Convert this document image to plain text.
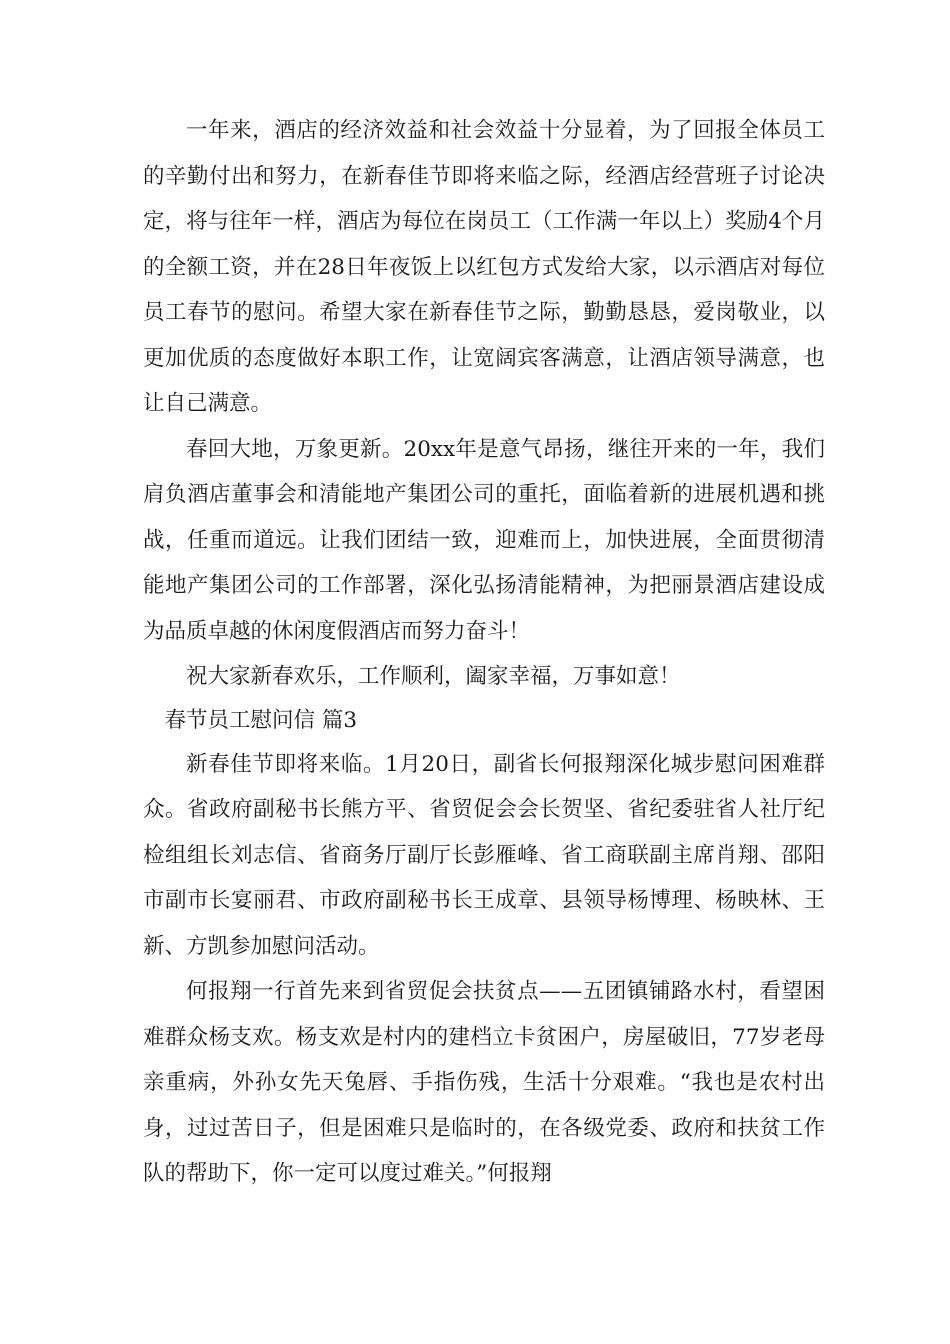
一年来，酒店的经济效益和社会效益十分显着，为了回报全体员工的辛勤付出和努力，在新春佳节即将来临之际，经酒店经营班子讨论决定，将与往年一样，酒店为每位在岗员工（工作满一年以上）奖励4个月的全额工资，并在28日年夜饭上以红包方式发给大家，以示酒店对每位员工春节的慰问。希望大家在新春佳节之际，勤勤恳恳，爱岗敬业，以更加优质的态度做好本职工作，让宽阔宾客满意，让酒店领导满意，也让自己满意。

春回大地，万象更新。20xx年是意气昂扬，继往开来的一年，我们肩负酒店董事会和清能地产集团公司的重托，面临着新的进展机遇和挑战，任重而道远。让我们团结一致，迎难而上，加快进展，全面贯彻清能地产集团公司的工作部署，深化弘扬清能精神，为把丽景酒店建设成为品质卓越的休闲度假酒店而努力奋斗！

祝大家新春欢乐，工作顺利，阖家幸福，万事如意！

春节员工慰问信 篇3

新春佳节即将来临。1月20日，副省长何报翔深化城步慰问困难群众。省政府副秘书长熊方平、省贸促会会长贺坚、省纪委驻省人社厅纪检组组长刘志信、省商务厅副厅长彭雁峰、省工商联副主席肖翔、邵阳市副市长宴丽君、市政府副秘书长王成章、县领导杨博理、杨映林、王新、方凯参加慰问活动。

何报翔一行首先来到省贸促会扶贫点——五团镇铺路水村，看望困难群众杨支欢。杨支欢是村内的建档立卡贫困户，房屋破旧，77岁老母亲重病，外孙女先天兔唇、手指伤残，生活十分艰难。“我也是农村出身，过过苦日子，但是困难只是临时的，在各级党委、政府和扶贫工作队的帮助下，你一定可以度过难关。”何报翔
